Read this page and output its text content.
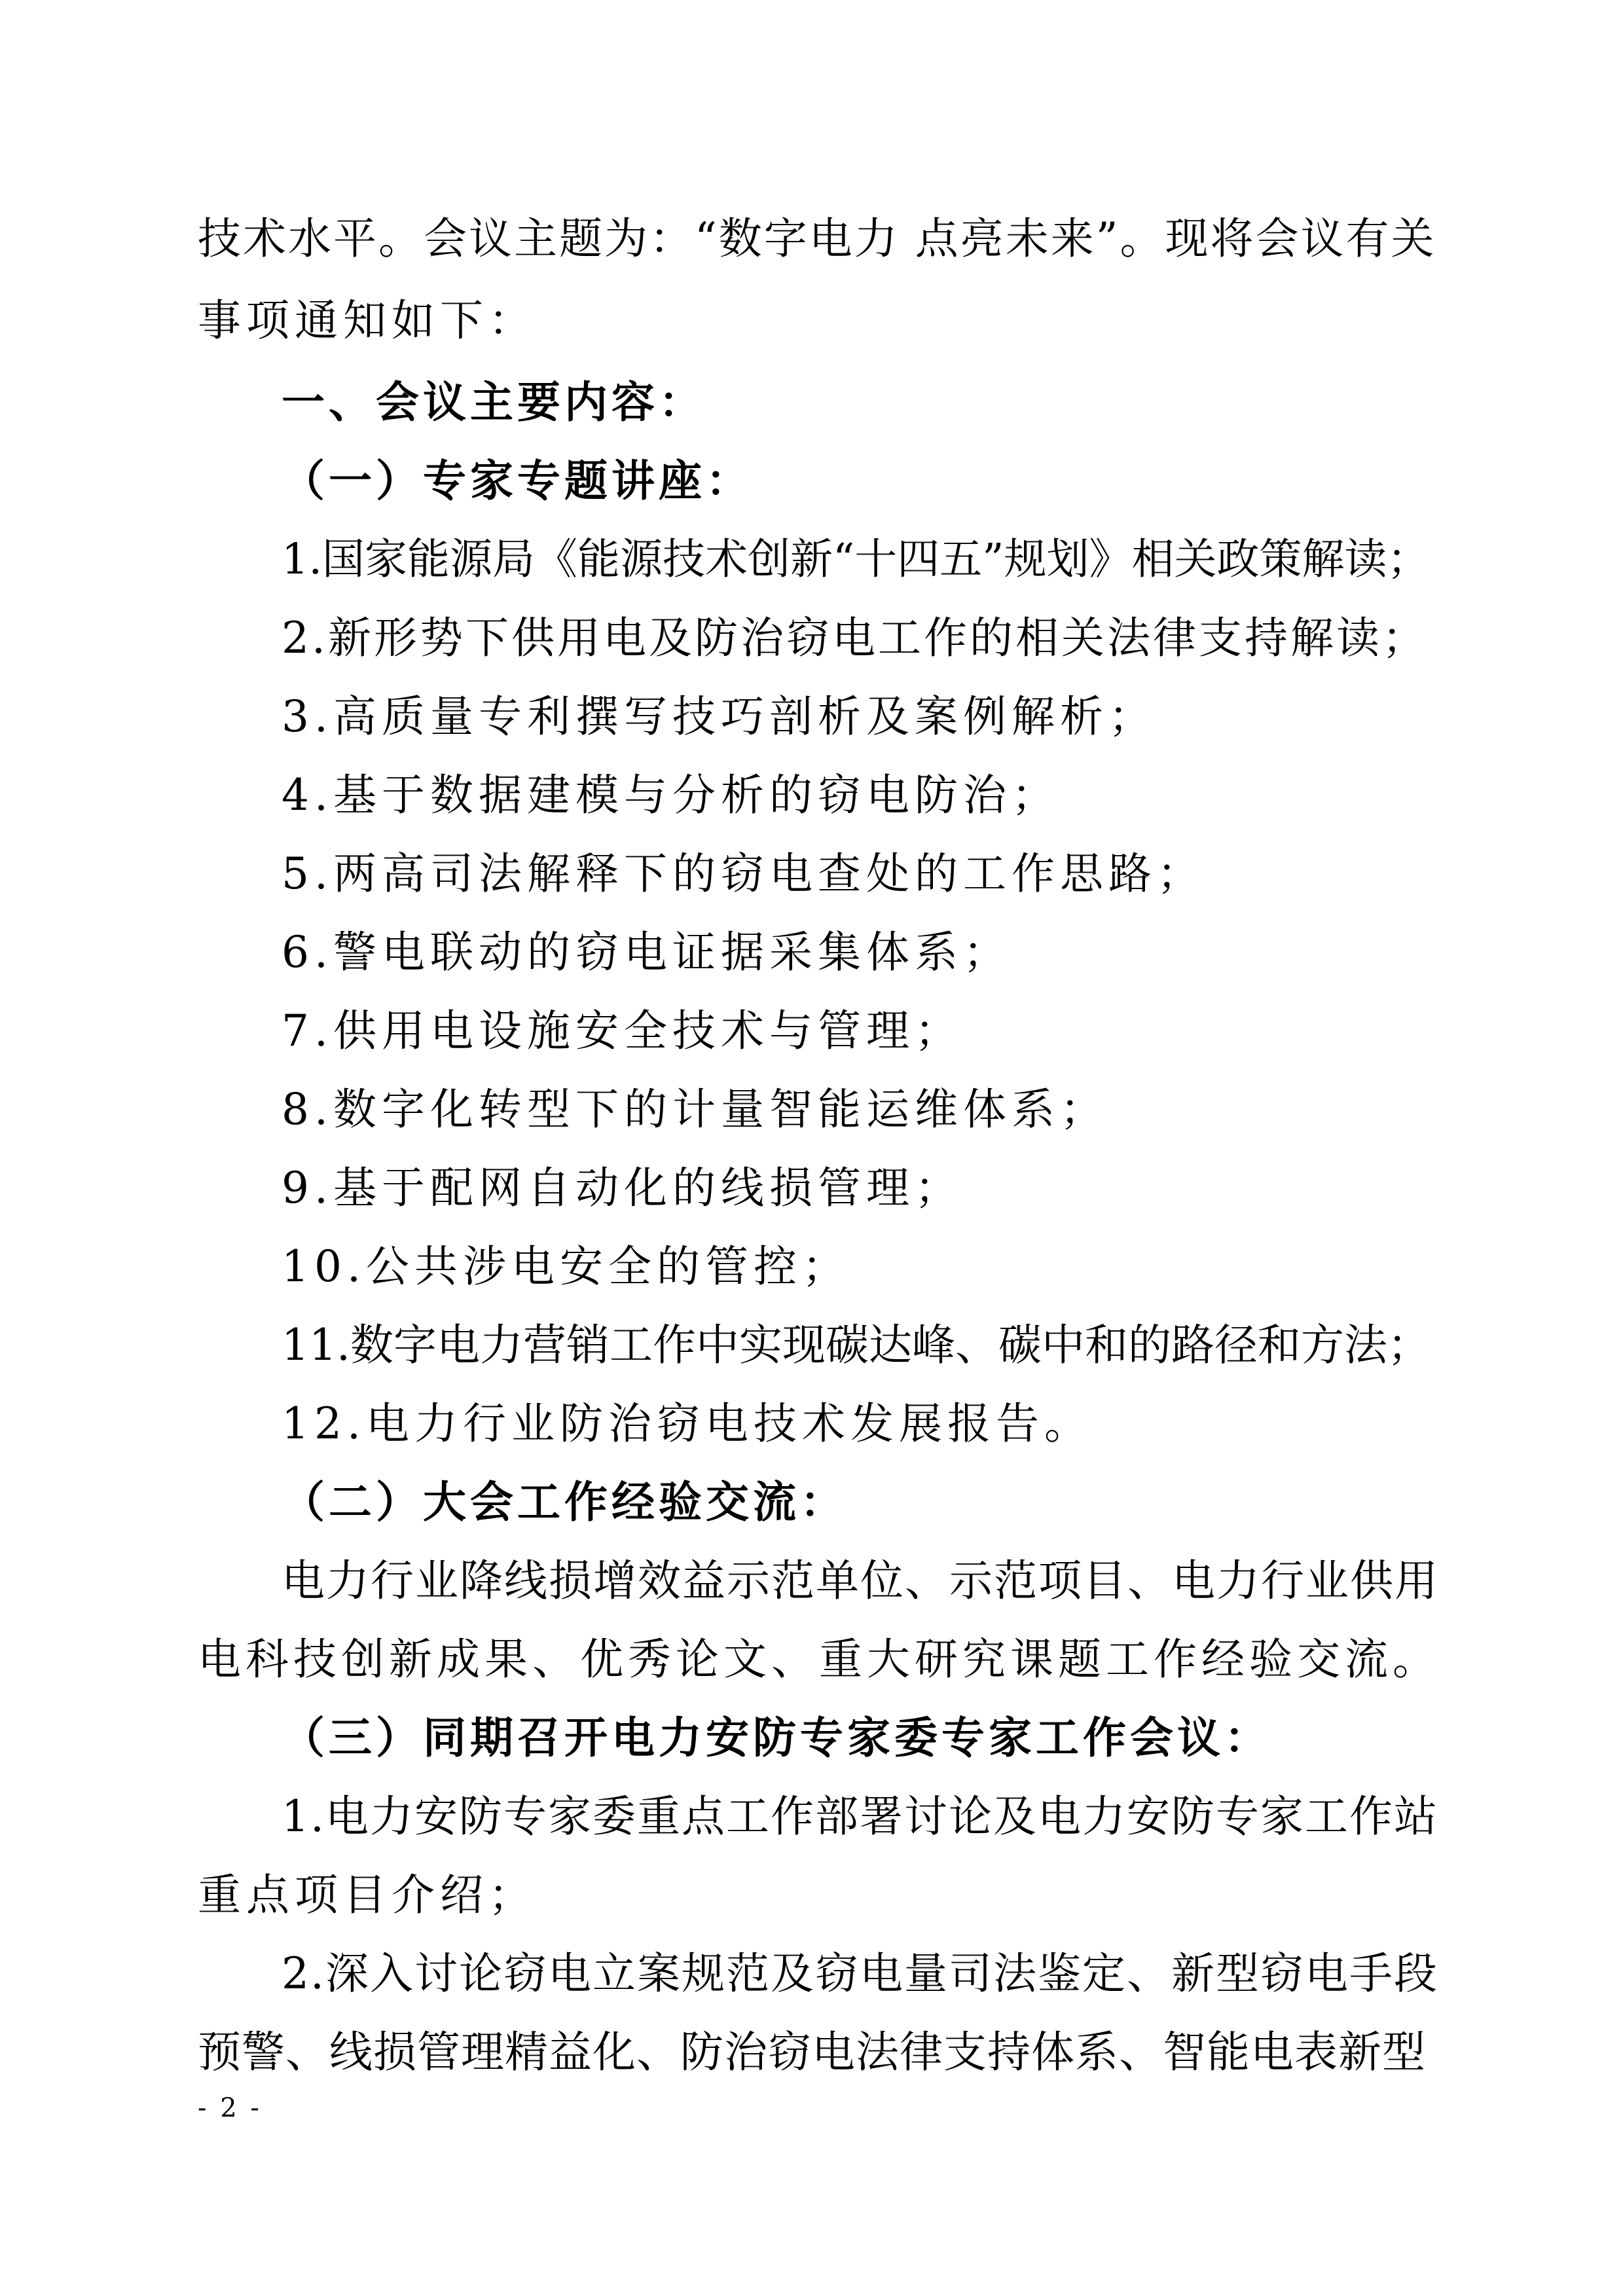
技术水平。会议主题为：“数字电力 点亮未来”。现将会议有关
事项通知如下：
一、会议主要内容：
（一）专家专题讲座：
1.国家能源局《能源技术创新“十四五”规划》相关政策解读；
2.新形势下供用电及防治窃电工作的相关法律支持解读；
3.高质量专利撰写技巧剖析及案例解析；
4.基于数据建模与分析的窃电防治；
5.两高司法解释下的窃电查处的工作思路；
6.警电联动的窃电证据采集体系；
7.供用电设施安全技术与管理；
8.数字化转型下的计量智能运维体系；
9.基于配网自动化的线损管理；
10.公共涉电安全的管控；
11.数字电力营销工作中实现碳达峰、碳中和的路径和方法；
12.电力行业防治窃电技术发展报告。
（二）大会工作经验交流：
电力行业降线损增效益示范单位、示范项目、电力行业供用
电科技创新成果、优秀论文、重大研究课题工作经验交流。
（三）同期召开电力安防专家委专家工作会议：
1.电力安防专家委重点工作部署讨论及电力安防专家工作站
重点项目介绍；
2.深入讨论窃电立案规范及窃电量司法鉴定、新型窃电手段
预警、线损管理精益化、防治窃电法律支持体系、智能电表新型
- 2 -
